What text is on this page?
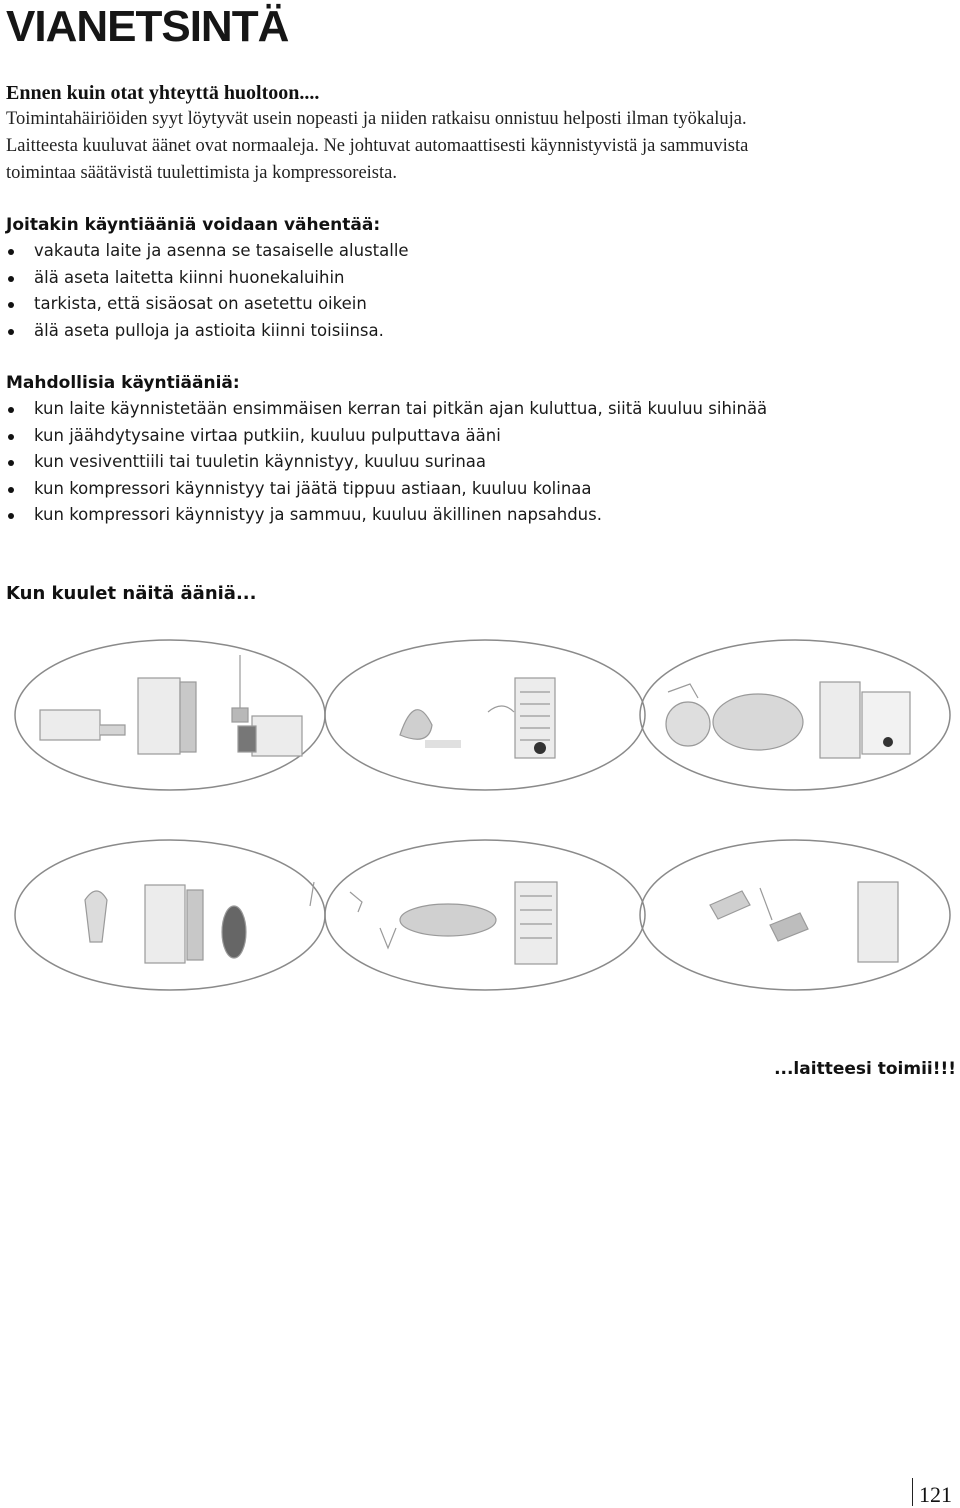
VIANETSINTÄ
Ennen kuin otat yhteyttä huoltoon....

Toimintahäiriöiden syyt löytyvät usein nopeasti ja niiden ratkaisu onnistuu helposti ilman työkaluja.

Laitteesta kuuluvat äänet ovat normaaleja. Ne johtuvat automaattisesti käynnistyvistä ja sammuvista

toimintaa säätävistä tuulettimista ja kompressoreista.

Joitakin käyntiääniä voidaan vähentää:
vakauta laite ja asenna se tasaiselle alustalle
älä aseta laitetta kiinni huonekaluihin
tarkista, että sisäosat on asetettu oikein
älä aseta pulloja ja astioita kiinni toisiinsa.
Mahdollisia käyntiääniä:
kun laite käynnistetään ensimmäisen kerran tai pitkän ajan kuluttua, siitä kuuluu sihinää
kun jäähdytysaine virtaa putkiin, kuuluu pulputtava ääni
kun vesiventtiili tai tuuletin käynnistyy, kuuluu surinaa
kun kompressori käynnistyy tai jäätä tippuu astiaan, kuuluu kolinaa
kun kompressori käynnistyy ja sammuu, kuuluu äkillinen napsahdus.
Kun kuulet näitä ääniä...
...laitteesi toimii!!!
121
